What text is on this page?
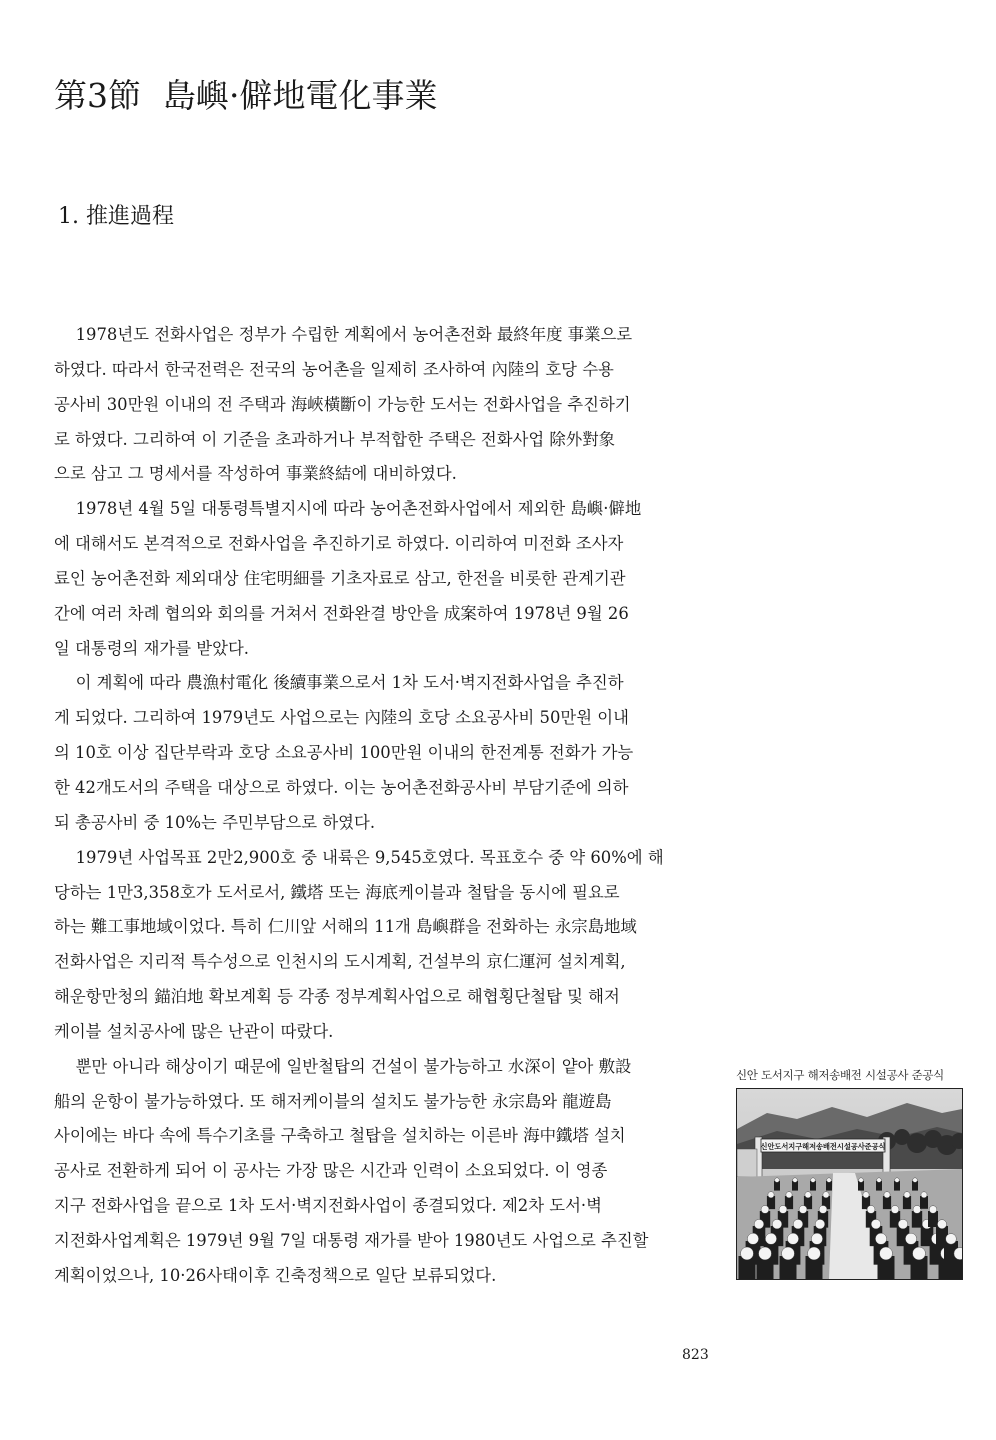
第3節 島嶼·僻地電化事業
1. 推進過程
  1978년도 전화사업은 정부가 수립한 계획에서 농어촌전화 最終年度 事業으로
하였다. 따라서 한국전력은 전국의 농어촌을 일제히 조사하여 內陸의 호당 수용
공사비 30만원 이내의 전 주택과 海峽橫斷이 가능한 도서는 전화사업을 추진하기
로 하였다. 그리하여 이 기준을 초과하거나 부적합한 주택은 전화사업 除外對象
으로 삼고 그 명세서를 작성하여 事業終結에 대비하였다.
  1978년 4월 5일 대통령특별지시에 따라 농어촌전화사업에서 제외한 島嶼·僻地
에 대해서도 본격적으로 전화사업을 추진하기로 하였다. 이리하여 미전화 조사자
료인 농어촌전화 제외대상 住宅明細를 기초자료로 삼고, 한전을 비롯한 관계기관
간에 여러 차례 협의와 회의를 거쳐서 전화완결 방안을 成案하여 1978년 9월 26
일 대통령의 재가를 받았다.
  이 계획에 따라 農漁村電化 後續事業으로서 1차 도서·벽지전화사업을 추진하
게 되었다. 그리하여 1979년도 사업으로는 內陸의 호당 소요공사비 50만원 이내
의 10호 이상 집단부락과 호당 소요공사비 100만원 이내의 한전계통 전화가 가능
한 42개도서의 주택을 대상으로 하였다. 이는 농어촌전화공사비 부담기준에 의하
되 총공사비 중 10%는 주민부담으로 하였다.
  1979년 사업목표 2만2,900호 중 내륙은 9,545호였다. 목표호수 중 약 60%에 해
당하는 1만3,358호가 도서로서, 鐵塔 또는 海底케이블과 철탑을 동시에 필요로
하는 難工事地域이었다. 특히 仁川앞 서해의 11개 島嶼群을 전화하는 永宗島地域
전화사업은 지리적 특수성으로 인천시의 도시계획, 건설부의 京仁運河 설치계획,
해운항만청의 錨泊地 확보계획 등 각종 정부계획사업으로 해협횡단철탑 및 해저
케이블 설치공사에 많은 난관이 따랐다.
  뿐만 아니라 해상이기 때문에 일반철탑의 건설이 불가능하고 水深이 얕아 敷設
船의 운항이 불가능하였다. 또 해저케이블의 설치도 불가능한 永宗島와 龍遊島
사이에는 바다 속에 특수기초를 구축하고 철탑을 설치하는 이른바 海中鐵塔 설치
공사로 전환하게 되어 이 공사는 가장 많은 시간과 인력이 소요되었다. 이 영종
지구 전화사업을 끝으로 1차 도서·벽지전화사업이 종결되었다. 제2차 도서·벽
지전화사업계획은 1979년 9월 7일 대통령 재가를 받아 1980년도 사업으로 추진할
계획이었으나, 10·26사태이후 긴축정책으로 일단 보류되었다.
신안 도서지구 해저송배전 시설공사 준공식
신안도서지구해저송배전시설공사준공식
823
